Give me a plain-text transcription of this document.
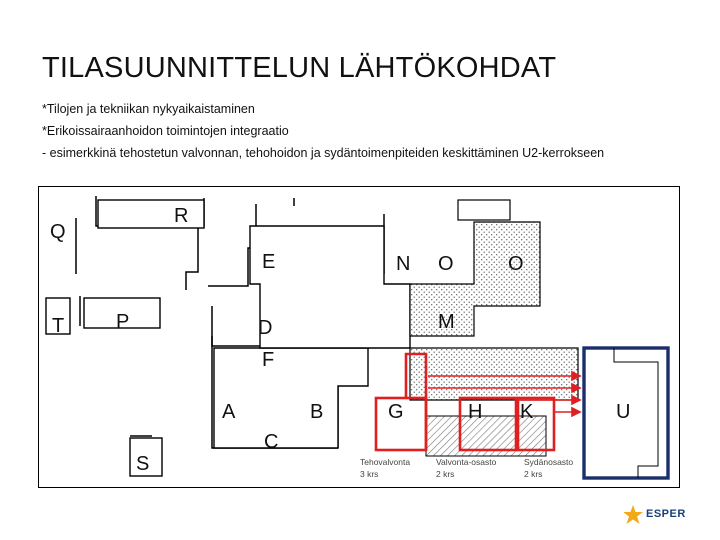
TILASUUNNITTELUN LÄHTÖKOHDAT
*Tilojen ja tekniikan nykyaikaistaminen
*Erikoissairaanhoidon toimintojen integraatio
- esimerkkinä tehostetun valvonnan, tehohoidon ja sydäntoimenpiteiden keskittäminen U2-kerrokseen
Q
R
E	N O	O
T	P	D	M
F
A	B	G	H K	U
C
S	Tehovalvonta
3 krs
Valvonta-osasto
2 krs
Sydänosasto
2 krs
ESPER
